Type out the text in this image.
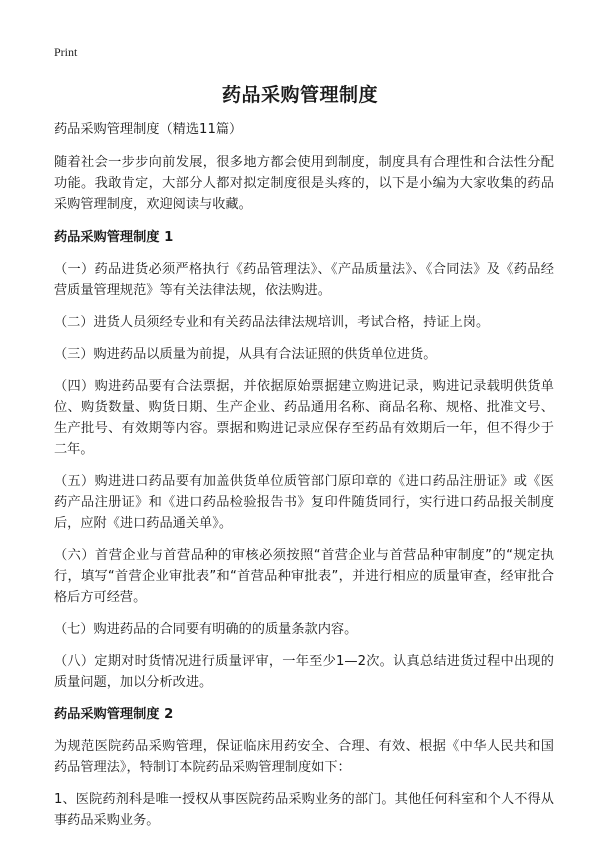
Print
药品采购管理制度

药品采购管理制度（精选11篇）

随着社会一步步向前发展，很多地方都会使用到制度，制度具有合理性和合法性分配功能。我敢肯定，大部分人都对拟定制度很是头疼的，以下是小编为大家收集的药品采购管理制度，欢迎阅读与收藏。

药品采购管理制度 1

（一）药品进货必须严格执行《药品管理法》、《产品质量法》、《合同法》及《药品经营质量管理规范》等有关法律法规，依法购进。

（二）进货人员须经专业和有关药品法律法规培训，考试合格，持证上岗。

（三）购进药品以质量为前提，从具有合法证照的供货单位进货。

（四）购进药品要有合法票据，并依据原始票据建立购进记录，购进记录载明供货单位、购货数量、购货日期、生产企业、药品通用名称、商品名称、规格、批准文号、生产批号、有效期等内容。票据和购进记录应保存至药品有效期后一年，但不得少于二年。

（五）购进进口药品要有加盖供货单位质管部门原印章的《进口药品注册证》或《医药产品注册证》和《进口药品检验报告书》复印件随货同行，实行进口药品报关制度后，应附《进口药品通关单》。

（六）首营企业与首营品种的审核必须按照“首营企业与首营品种审制度”的“规定执行，填写“首营企业审批表”和“首营品种审批表”，并进行相应的质量审查，经审批合格后方可经营。

（七）购进药品的合同要有明确的的质量条款内容。

（八）定期对时货情况进行质量评审，一年至少1—2次。认真总结进货过程中出现的质量问题，加以分析改进。

药品采购管理制度 2

为规范医院药品采购管理，保证临床用药安全、合理、有效、根据《中华人民共和国药品管理法》，特制订本院药品采购管理制度如下：

1、医院药剂科是唯一授权从事医院药品采购业务的部门。其他任何科室和个人不得从事药品采购业务。
